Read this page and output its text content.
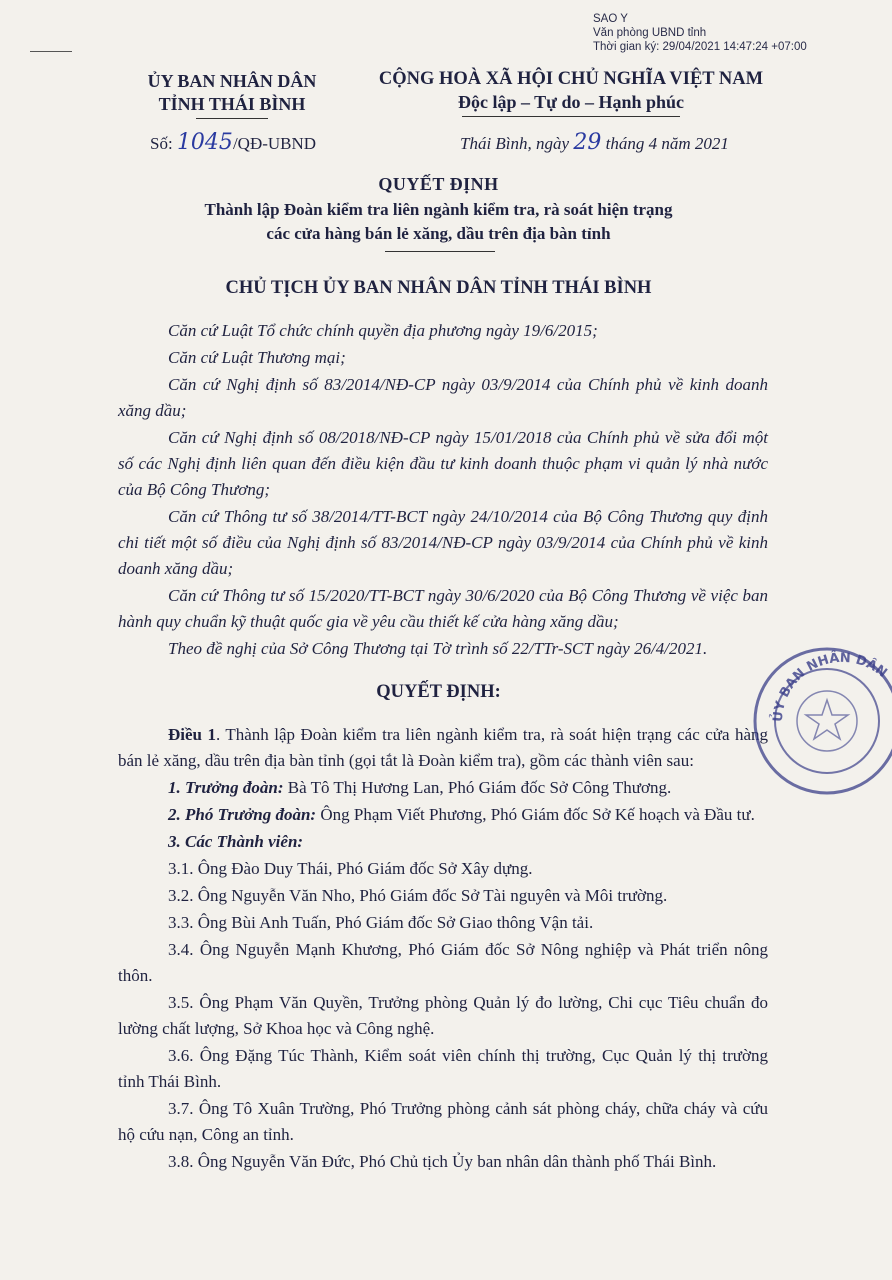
SAO Y
Văn phòng UBND tỉnh
Thời gian ký: 29/04/2021 14:47:24 +07:00
ỦY BAN NHÂN DÂN
TỈNH THÁI BÌNH
CỘNG HOÀ XÃ HỘI CHỦ NGHĨA VIỆT NAM
Độc lập – Tự do – Hạnh phúc
Số: 1045/QĐ-UBND	Thái Bình, ngày 29 tháng 4 năm 2021
QUYẾT ĐỊNH
Thành lập Đoàn kiểm tra liên ngành kiểm tra, rà soát hiện trạng
các cửa hàng bán lẻ xăng, dầu trên địa bàn tỉnh
CHỦ TỊCH ỦY BAN NHÂN DÂN TỈNH THÁI BÌNH

Căn cứ Luật Tổ chức chính quyền địa phương ngày 19/6/2015;

Căn cứ Luật Thương mại;

Căn cứ Nghị định số 83/2014/NĐ-CP ngày 03/9/2014 của Chính phủ về kinh doanh xăng dầu;

Căn cứ Nghị định số 08/2018/NĐ-CP ngày 15/01/2018 của Chính phủ về sửa đổi một số các Nghị định liên quan đến điều kiện đầu tư kinh doanh thuộc phạm vi quản lý nhà nước của Bộ Công Thương;

Căn cứ Thông tư số 38/2014/TT-BCT ngày 24/10/2014 của Bộ Công Thương quy định chi tiết một số điều của Nghị định số 83/2014/NĐ-CP ngày 03/9/2014 của Chính phủ về kinh doanh xăng dầu;

Căn cứ Thông tư số 15/2020/TT-BCT ngày 30/6/2020 của Bộ Công Thương về việc ban hành quy chuẩn kỹ thuật quốc gia về yêu cầu thiết kế cửa hàng xăng dầu;

Theo đề nghị của Sở Công Thương tại Tờ trình số 22/TTr-SCT ngày 26/4/2021.

QUYẾT ĐỊNH:

Điều 1. Thành lập Đoàn kiểm tra liên ngành kiểm tra, rà soát hiện trạng các cửa hàng bán lẻ xăng, dầu trên địa bàn tỉnh (gọi tắt là Đoàn kiểm tra), gồm các thành viên sau:

1. Trưởng đoàn: Bà Tô Thị Hương Lan, Phó Giám đốc Sở Công Thương.

2. Phó Trưởng đoàn: Ông Phạm Viết Phương, Phó Giám đốc Sở Kế hoạch và Đầu tư.

3. Các Thành viên:

3.1. Ông Đào Duy Thái, Phó Giám đốc Sở Xây dựng.

3.2. Ông Nguyễn Văn Nho, Phó Giám đốc Sở Tài nguyên và Môi trường.

3.3. Ông Bùi Anh Tuấn, Phó Giám đốc Sở Giao thông Vận tải.

3.4. Ông Nguyễn Mạnh Khương, Phó Giám đốc Sở Nông nghiệp và Phát triển nông thôn.

3.5. Ông Phạm Văn Quyền, Trưởng phòng Quản lý đo lường, Chi cục Tiêu chuẩn đo lường chất lượng, Sở Khoa học và Công nghệ.

3.6. Ông Đặng Túc Thành, Kiểm soát viên chính thị trường, Cục Quản lý thị trường tỉnh Thái Bình.

3.7. Ông Tô Xuân Trường, Phó Trưởng phòng cảnh sát phòng cháy, chữa cháy và cứu hộ cứu nạn, Công an tỉnh.

3.8. Ông Nguyễn Văn Đức, Phó Chủ tịch Ủy ban nhân dân thành phố Thái Bình.

ỦY BAN NHÂN DÂN
